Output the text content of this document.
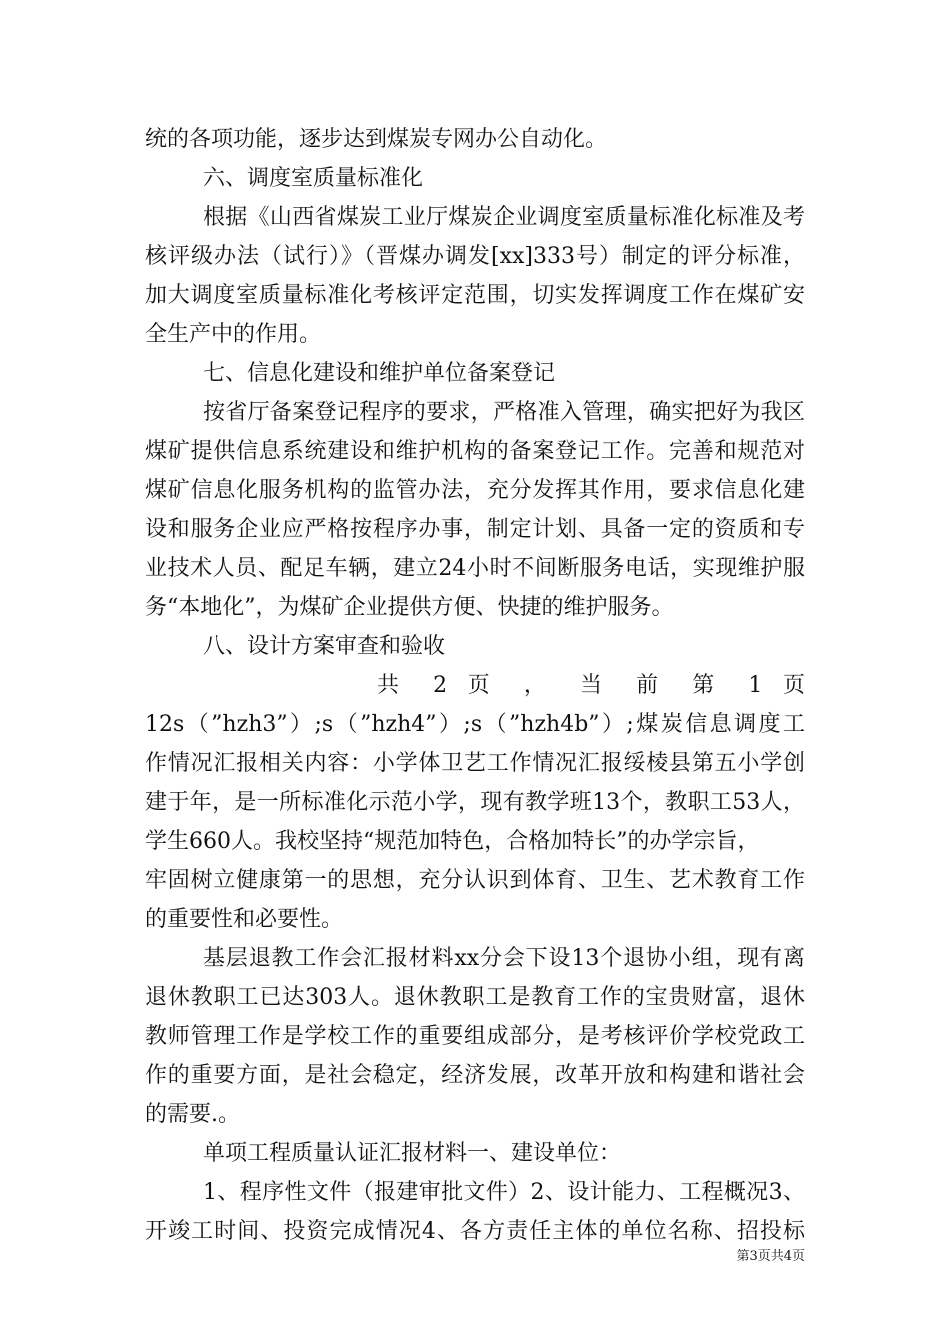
统的各项功能，逐步达到煤炭专网办公自动化。
六、调度室质量标准化
根据《山西省煤炭工业厅煤炭企业调度室质量标准化标准及考
核评级办法（试行）》（晋煤办调发[xx]333号）制定的评分标准，
加大调度室质量标准化考核评定范围，切实发挥调度工作在煤矿安
全生产中的作用。
七、信息化建设和维护单位备案登记
按省厅备案登记程序的要求，严格准入管理，确实把好为我区
煤矿提供信息系统建设和维护机构的备案登记工作。完善和规范对
煤矿信息化服务机构的监管办法，充分发挥其作用，要求信息化建
设和服务企业应严格按程序办事，制定计划、具备一定的资质和专
业技术人员、配足车辆，建立24小时不间断服务电话，实现维护服
务“本地化”，为煤矿企业提供方便、快捷的维护服务。
八、设计方案审查和验收
共 2 页 ， 当 前 第 1 页
12s（”hzh3”）;s（”hzh4”）;s（”hzh4b”）;煤炭信息调度工
作情况汇报相关内容：小学体卫艺工作情况汇报绥棱县第五小学创
建于年，是一所标准化示范小学，现有教学班13个，教职工53人，
学生660人。我校坚持“规范加特色，合格加特长”的办学宗旨，
牢固树立健康第一的思想，充分认识到体育、卫生、艺术教育工作
的重要性和必要性。
基层退教工作会汇报材料xx分会下设13个退协小组，现有离
退休教职工已达303人。退休教职工是教育工作的宝贵财富，退休
教师管理工作是学校工作的重要组成部分，是考核评价学校党政工
作的重要方面，是社会稳定，经济发展，改革开放和构建和谐社会
的需要.。
单项工程质量认证汇报材料一、建设单位：
1、程序性文件（报建审批文件）2、设计能力、工程概况3、
开竣工时间、投资完成情况4、各方责任主体的单位名称、招投标
第3页共4页
